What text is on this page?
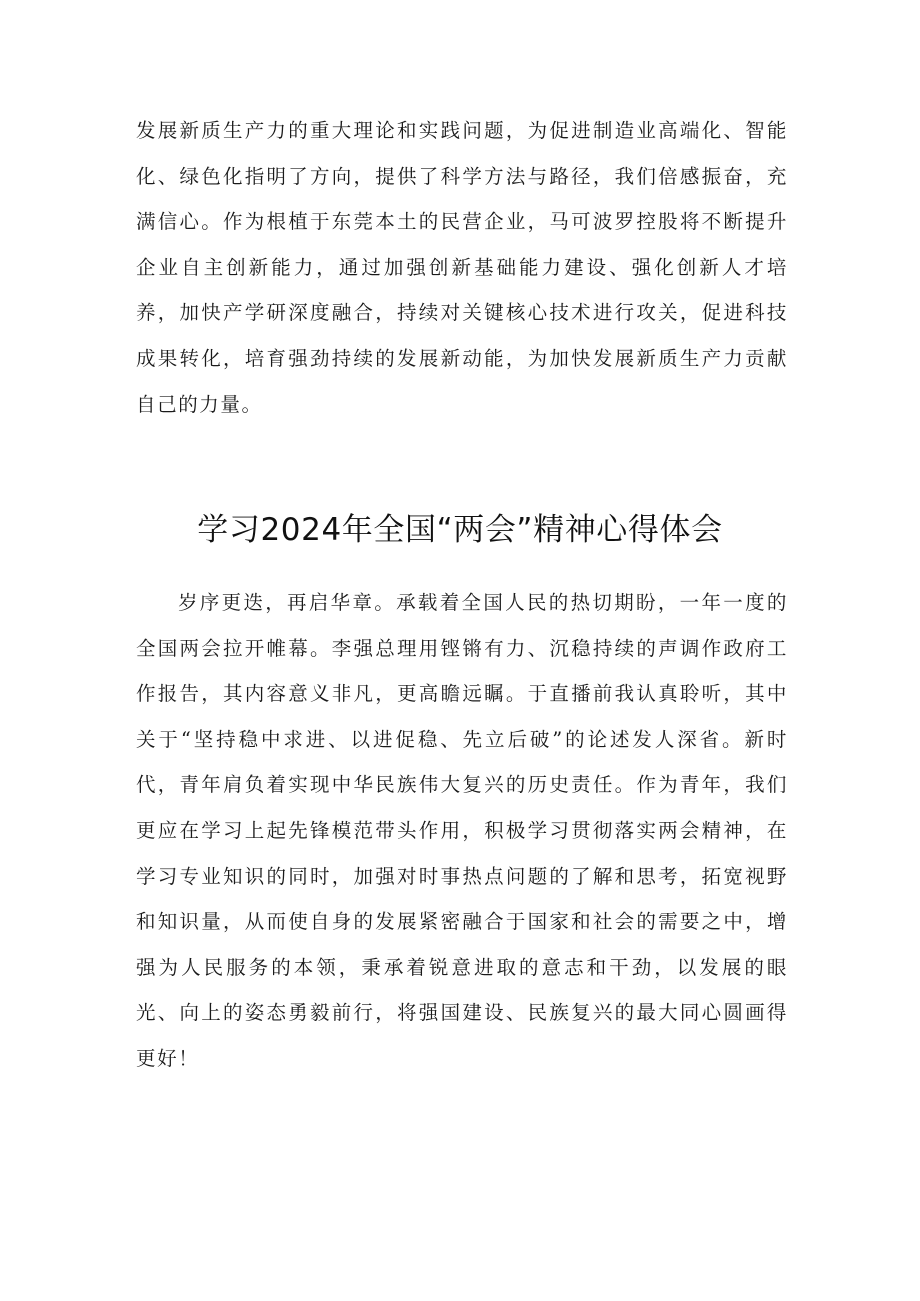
发展新质生产力的重大理论和实践问题，为促进制造业高端化、智能化、绿色化指明了方向，提供了科学方法与路径，我们倍感振奋，充满信心。作为根植于东莞本土的民营企业，马可波罗控股将不断提升企业自主创新能力，通过加强创新基础能力建设、强化创新人才培养，加快产学研深度融合，持续对关键核心技术进行攻关，促进科技成果转化，培育强劲持续的发展新动能，为加快发展新质生产力贡献自己的力量。

学习2024年全国“两会”精神心得体会

岁序更迭，再启华章。承载着全国人民的热切期盼，一年一度的全国两会拉开帷幕。李强总理用铿锵有力、沉稳持续的声调作政府工作报告，其内容意义非凡，更高瞻远瞩。于直播前我认真聆听，其中关于“坚持稳中求进、以进促稳、先立后破”的论述发人深省。新时代，青年肩负着实现中华民族伟大复兴的历史责任。作为青年，我们更应在学习上起先锋模范带头作用，积极学习贯彻落实两会精神，在学习专业知识的同时，加强对时事热点问题的了解和思考，拓宽视野和知识量，从而使自身的发展紧密融合于国家和社会的需要之中，增强为人民服务的本领，秉承着锐意进取的意志和干劲，以发展的眼光、向上的姿态勇毅前行，将强国建设、民族复兴的最大同心圆画得更好！
